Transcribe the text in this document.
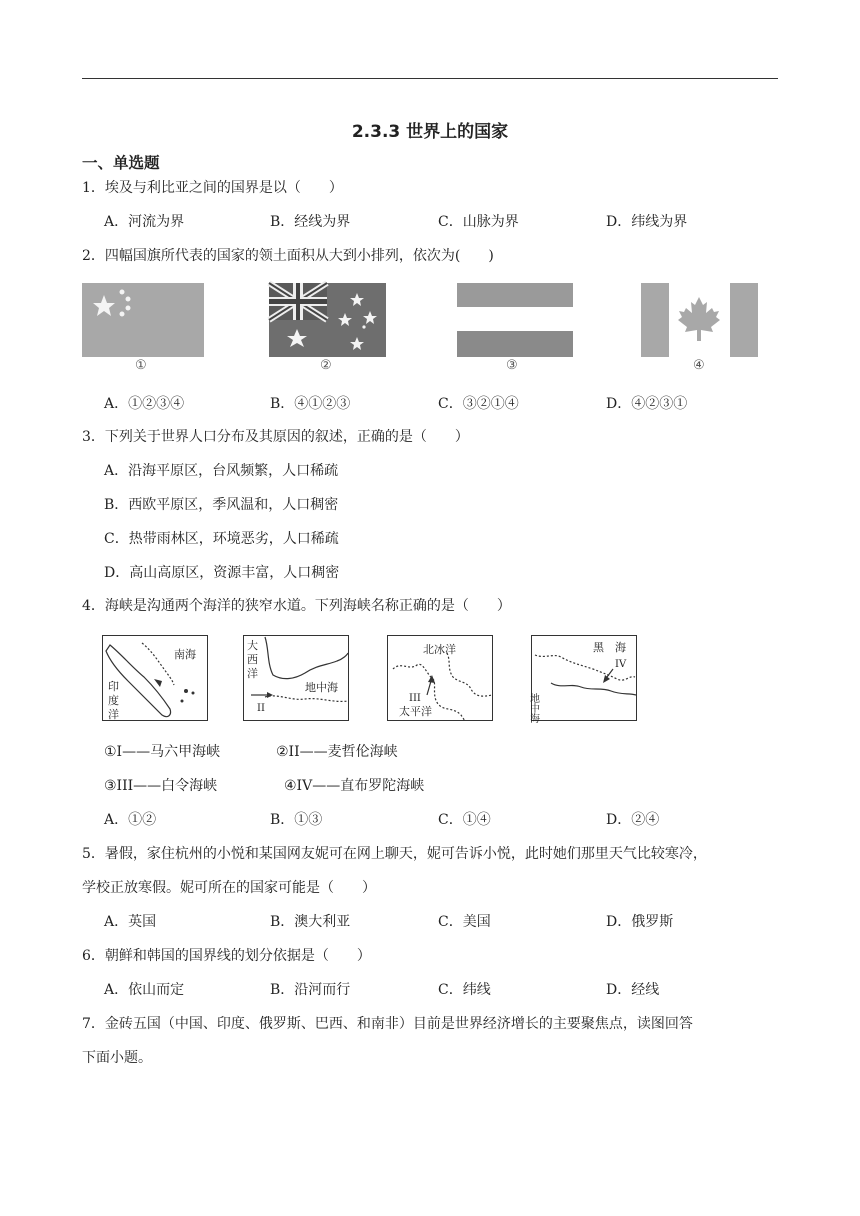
2.3.3 世界上的国家
一、单选题
1．埃及与利比亚之间的国界是以（　　）
A．河流为界	B．经线为界	C．山脉为界	D．纬线为界
2．四幅国旗所代表的国家的领土面积从大到小排列，依次为(　　)
①	②	③	④
A．①②③④	B．④①②③	C．③②①④	D．④②③①
3．下列关于世界人口分布及其原因的叙述，正确的是（　　）
A．沿海平原区，台风频繁，人口稀疏
B．西欧平原区，季风温和，人口稠密
C．热带雨林区，环境恶劣，人口稀疏
D．高山高原区，资源丰富，人口稠密
4．海峡是沟通两个海洋的狭窄水道。下列海峡名称正确的是（　　）
南海
印
度
洋
大
西
洋
II
地中海
北冰洋
III
太平洋
黑　海
IV
地中海
①I——马六甲海峡	②II——麦哲伦海峡
③III——白令海峡	④IV——直布罗陀海峡
A．①②	B．①③	C．①④	D．②④
5．暑假，家住杭州的小悦和某国网友妮可在网上聊天，妮可告诉小悦，此时她们那里天气比较寒冷，
学校正放寒假。妮可所在的国家可能是（　　）
A．英国	B．澳大利亚	C．美国	D．俄罗斯
6．朝鲜和韩国的国界线的划分依据是（　　）
A．依山而定	B．沿河而行	C．纬线	D．经线
7．金砖五国（中国、印度、俄罗斯、巴西、和南非）目前是世界经济增长的主要聚焦点，读图回答
下面小题。
